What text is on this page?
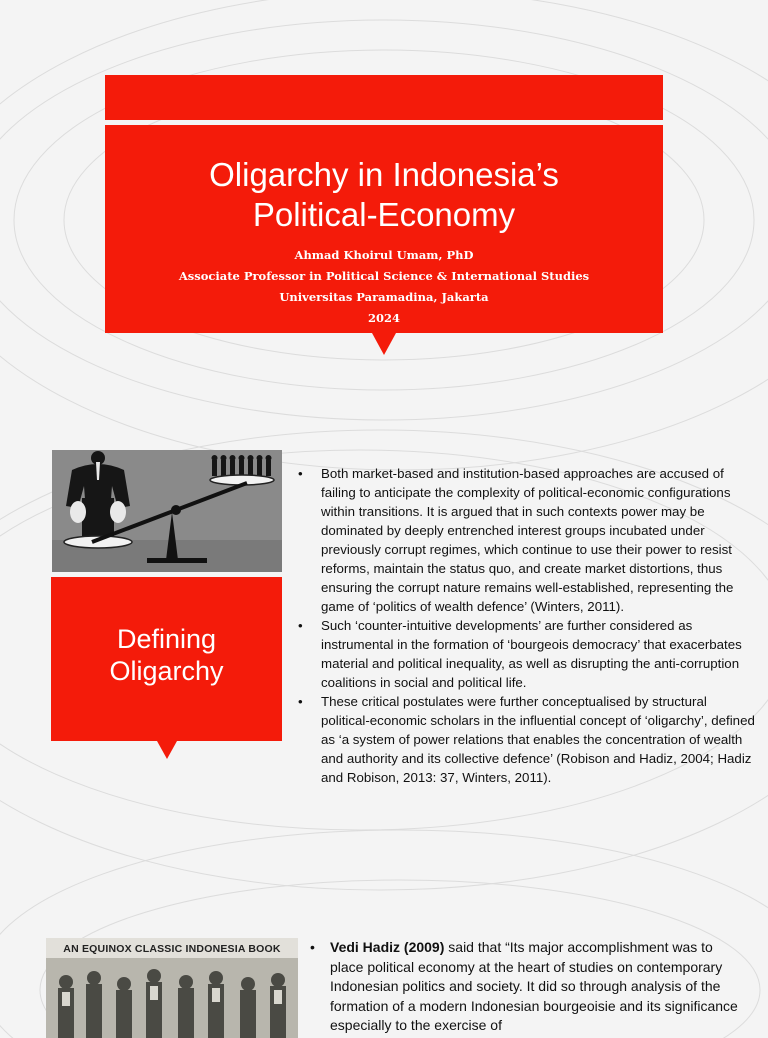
Oligarchy in Indonesia’s
Political-Economy
Ahmad Khoirul Umam, PhD
Associate Professor in Political Science & International Studies
Universitas Paramadina, Jakarta
2024
Defining
Oligarchy
• Both market-based and institution-based approaches are accused of failing to anticipate the complexity of political-economic configurations within transitions. It is argued that in such contexts power may be dominated by deeply entrenched interest groups incubated under previously corrupt regimes, which continue to use their power to resist reforms, maintain the status quo, and create market distortions, thus ensuring the corrupt nature remains well-established, representing the game of ‘politics of wealth defence’ (Winters, 2011).
• Such ‘counter-intuitive developments’ are further considered as instrumental in the formation of ‘bourgeois democracy’ that exacerbates material and political inequality, as well as disrupting the anti-corruption coalitions in social and political life.
• These critical postulates were further conceptualised by structural political-economic scholars in the influential concept of ‘oligarchy’, defined as ‘a system of power relations that enables the concentration of wealth and authority and its collective defence’ (Robison and Hadiz, 2004; Hadiz and Robison, 2013: 37, Winters, 2011).
AN EQUINOX CLASSIC INDONESIA BOOK	• Vedi Hadiz (2009) said that “Its major accomplishment was to place political economy at the heart of studies on contemporary Indonesian politics and society. It did so through analysis of the formation of a modern Indonesian bourgeoisie and its significance especially to the exercise of
